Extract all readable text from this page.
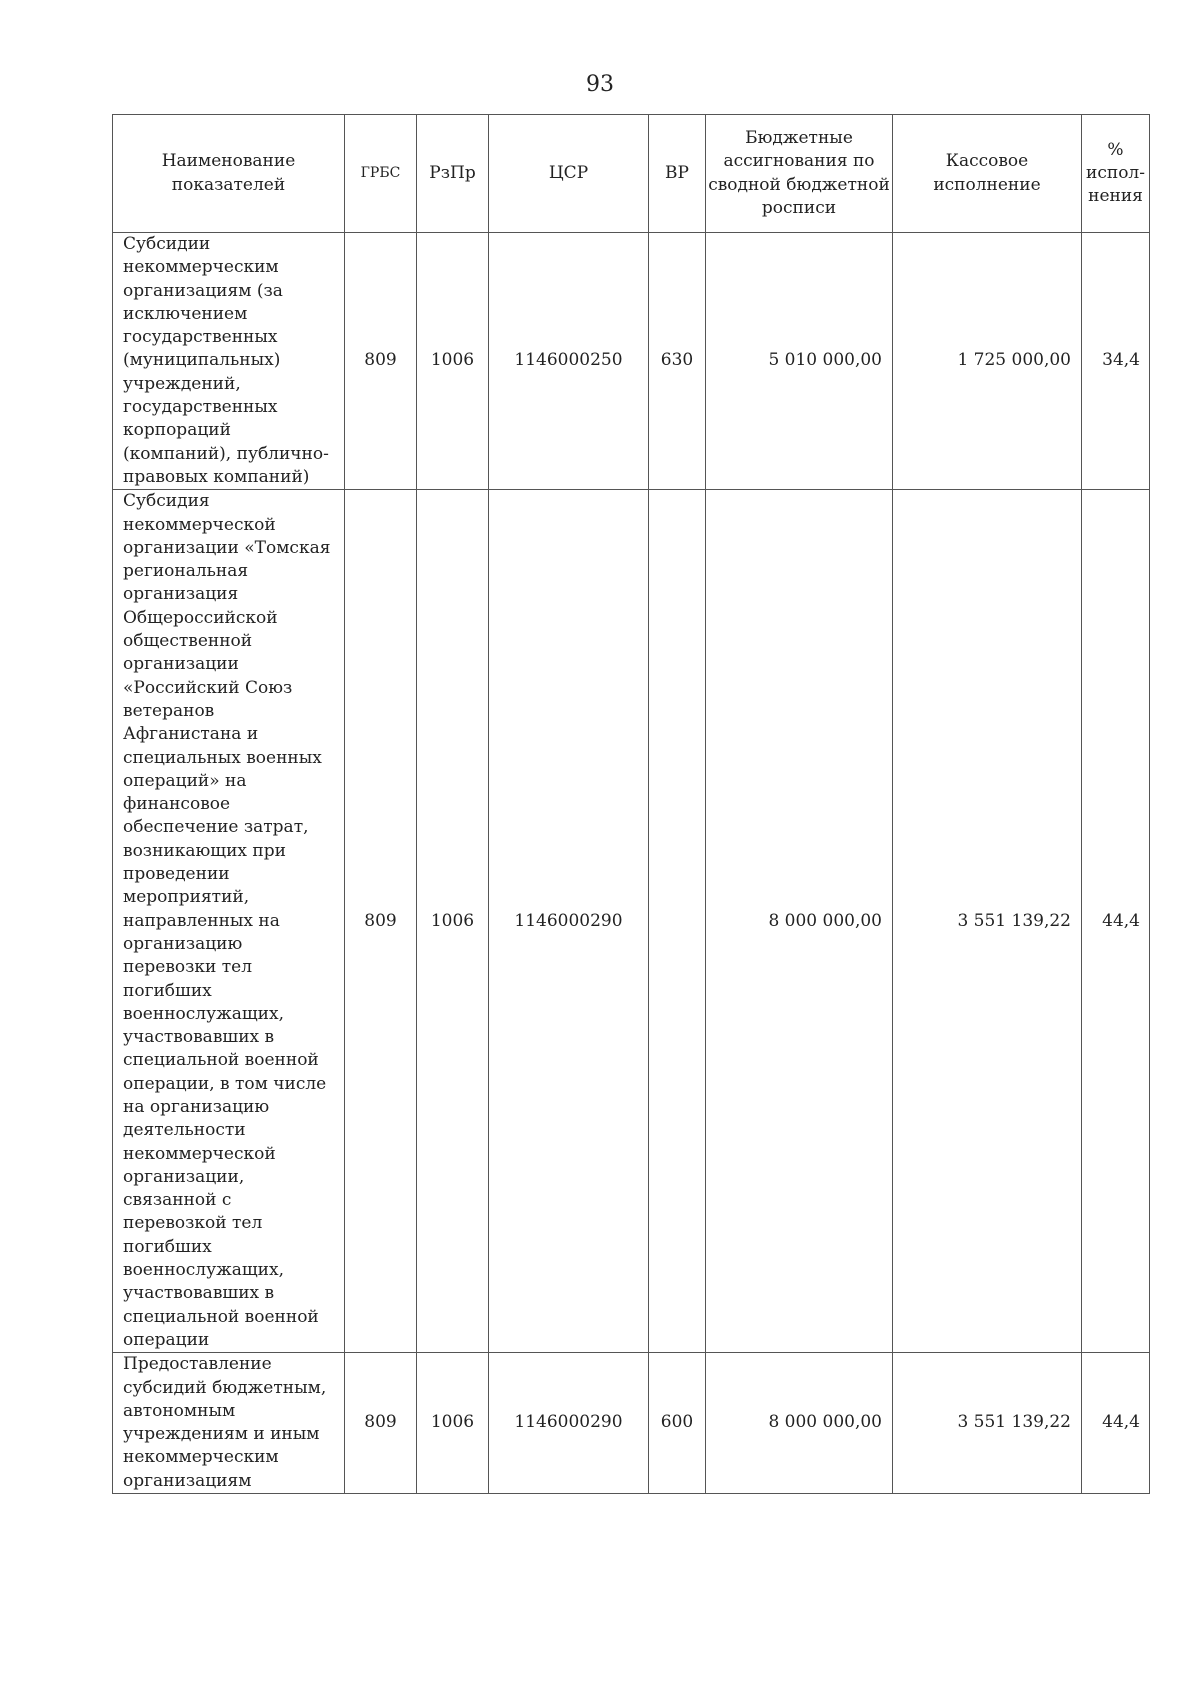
93
Наименование показателей	ГРБС	РзПр	ЦСР	ВР	Бюджетные ассигнования по сводной бюджетной росписи	Кассовое исполнение	% испол-нения
Субсидии некоммерческим организациям (за исключением государственных (муниципальных) учреждений, государственных корпораций (компаний), публично-правовых компаний)	809	1006	1146000250	630	5 010 000,00	1 725 000,00	34,4
Субсидия некоммерческой организации «Томская региональная организация Общероссийской общественной организации «Российский Союз ветеранов Афганистана и специальных военных операций» на финансовое обеспечение затрат, возникающих при проведении мероприятий, направленных на организацию перевозки тел погибших военнослужащих, участвовавших в специальной военной операции, в том числе на организацию деятельности некоммерческой организации, связанной с перевозкой тел погибших военнослужащих, участвовавших в специальной военной операции	809	1006	1146000290		8 000 000,00	3 551 139,22	44,4
Предоставление субсидий бюджетным, автономным учреждениям и иным некоммерческим организациям	809	1006	1146000290	600	8 000 000,00	3 551 139,22	44,4
